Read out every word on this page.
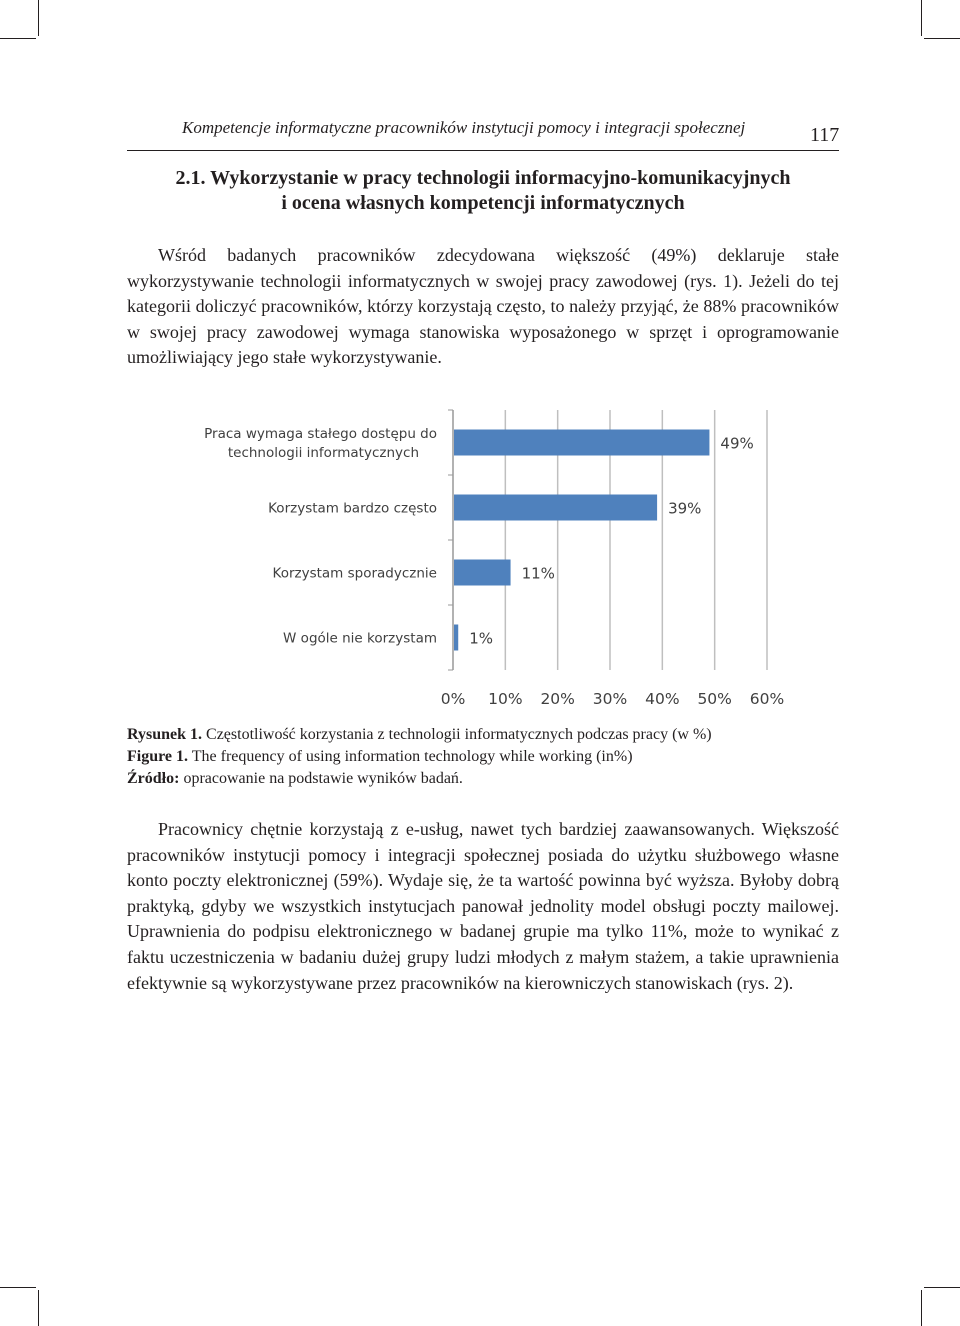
Kompetencje informatyczne pracowników instytucji pomocy i integracji społecznej	117
2.1. Wykorzystanie w pracy technologii informacyjno-komunikacyjnych
i ocena własnych kompetencji informatycznych

Wśród badanych pracowników zdecydowana większość (49%) deklaruje stałe wykorzystywanie technologii informatycznych w swojej pracy zawodowej (rys. 1). Jeżeli do tej kategorii doliczyć pracowników, którzy korzystają często, to należy przyjąć, że 88% pracowników w swojej pracy zawodowej wymaga stanowiska wyposażonego w sprzęt i oprogramowanie umożliwiający jego stałe wykorzystywanie.

49%
Praca wymaga stałego dostępu do technologii informatycznych
39%
Korzystam bardzo często
11%
Korzystam sporadycznie
1%
W ogóle nie korzystam
0% 10% 20% 30% 40% 50% 60%
Rysunek 1. Częstotliwość korzystania z technologii informatycznych podczas pracy (w %)
Figure 1. The frequency of using information technology while working (in%)
Źródło: opracowanie na podstawie wyników badań.

Pracownicy chętnie korzystają z e-usług, nawet tych bardziej zaawansowanych. Większość pracowników instytucji pomocy i integracji społecznej posiada do użytku służbowego własne konto poczty elektronicznej (59%). Wydaje się, że ta wartość powinna być wyższa. Byłoby dobrą praktyką, gdyby we wszystkich instytucjach panował jednolity model obsługi poczty mailowej. Uprawnienia do podpisu elektronicznego w badanej grupie ma tylko 11%, może to wynikać z faktu uczestniczenia w badaniu dużej grupy ludzi młodych z małym stażem, a takie uprawnienia efektywnie są wykorzystywane przez pracowników na kierowniczych stanowiskach (rys. 2).
